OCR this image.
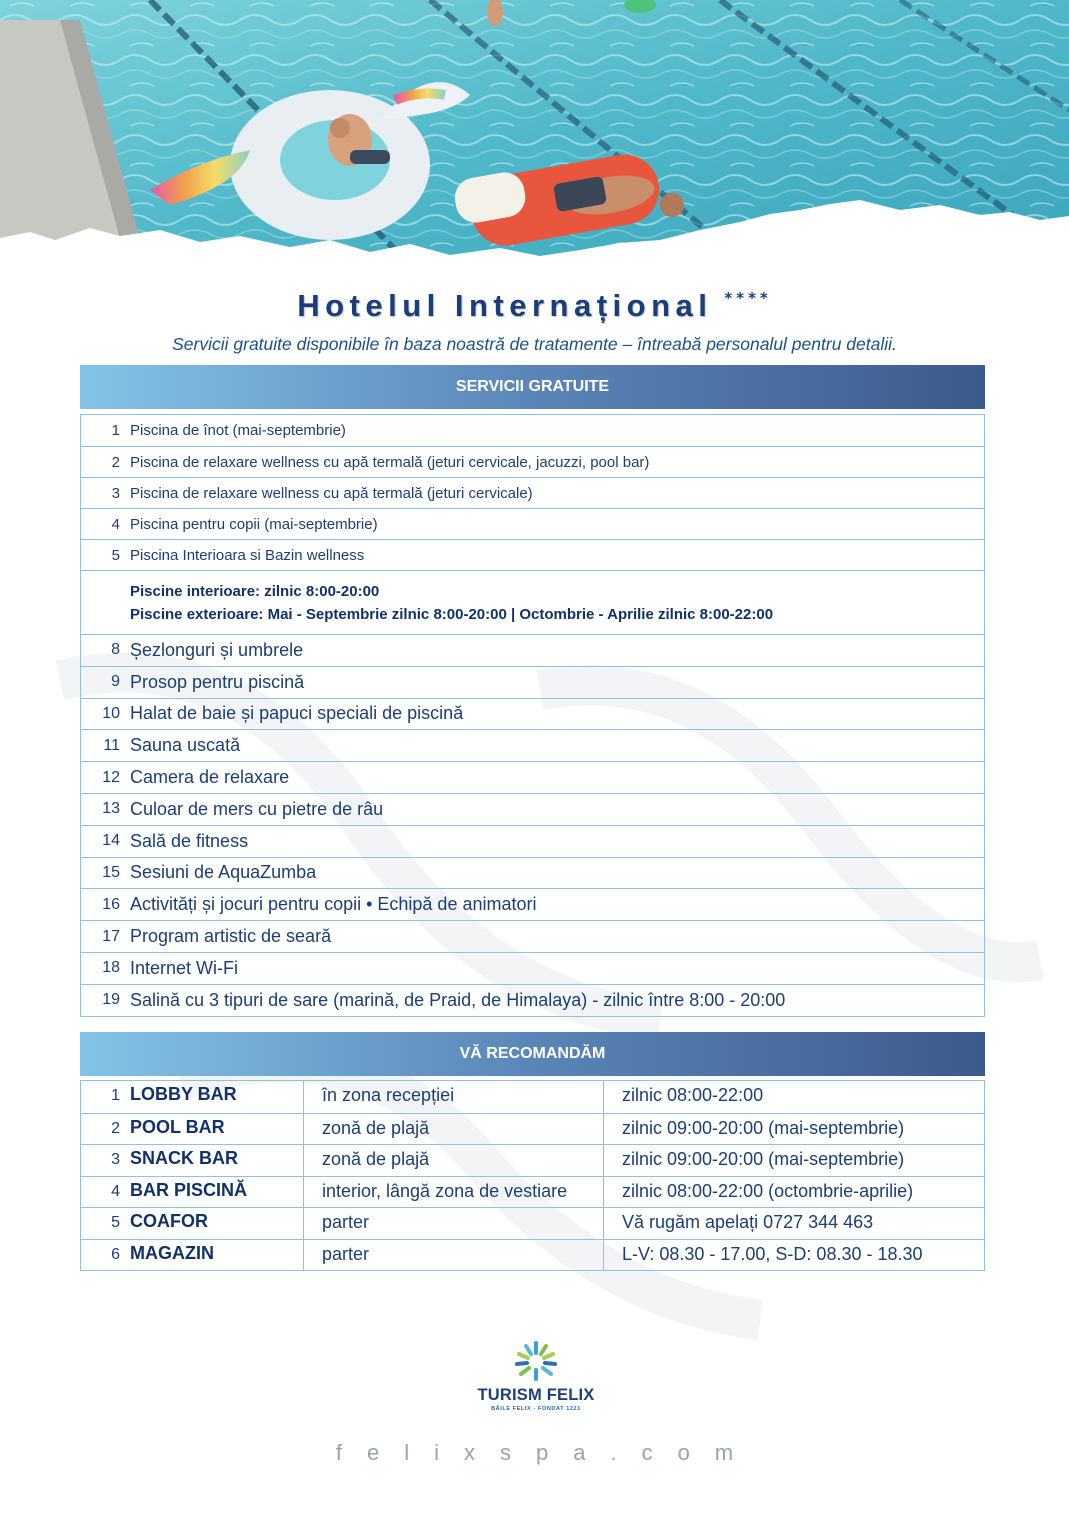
Hotelul Internațional ****
Servicii gratuite disponibile în baza noastră de tratamente – întreabă personalul pentru detalii.
SERVICII GRATUITE
1 Piscina de înot (mai-septembrie)
2 Piscina de relaxare wellness cu apă termală (jeturi cervicale, jacuzzi, pool bar)
3 Piscina de relaxare wellness cu apă termală (jeturi cervicale)
4 Piscina pentru copii (mai-septembrie)
5 Piscina Interioara si Bazin wellness
Piscine interioare: zilnic 8:00-20:00
Piscine exterioare: Mai - Septembrie zilnic 8:00-20:00 | Octombrie - Aprilie zilnic 8:00-22:00
8 Șezlonguri și umbrele
9 Prosop pentru piscină
10 Halat de baie și papuci speciali de piscină
11 Sauna uscată
12 Camera de relaxare
13 Culoar de mers cu pietre de râu
14 Sală de fitness
15 Sesiuni de AquaZumba
16 Activități și jocuri pentru copii • Echipă de animatori
17 Program artistic de seară
18 Internet Wi-Fi
19 Salină cu 3 tipuri de sare (marină, de Praid, de Himalaya) - zilnic între 8:00 - 20:00
VĂ RECOMANDĂM
1 LOBBY BAR	în zona recepției	zilnic 08:00-22:00
2 POOL BAR	zonă de plajă	zilnic 09:00-20:00 (mai-septembrie)
3 SNACK BAR	zonă de plajă	zilnic 09:00-20:00 (mai-septembrie)
4 BAR PISCINĂ	interior, lângă zona de vestiare	zilnic 08:00-22:00 (octombrie-aprilie)
5 COAFOR	parter	Vă rugăm apelați 0727 344 463
6 MAGAZIN	parter	L-V: 08.30 - 17.00, S-D: 08.30 - 18.30
TURISM FELIX
BĂILE FELIX - FONDAT 1221
felixspa.com
